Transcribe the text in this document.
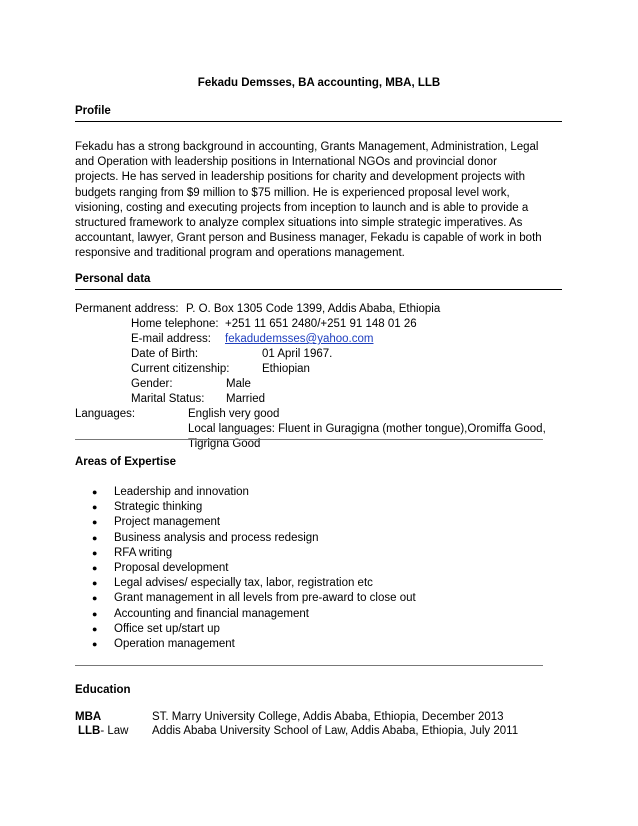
Fekadu Demsses, BA accounting, MBA, LLB
Profile
Fekadu has a strong background in accounting, Grants Management, Administration, Legal
and Operation with leadership positions in International NGOs and provincial donor
projects. He has served in leadership positions for charity and development projects with
budgets ranging from $9 million to $75 million. He is experienced proposal level work,
visioning, costing and executing projects from inception to launch and is able to provide a
structured framework to analyze complex situations into simple strategic imperatives. As
accountant, lawyer, Grant person and Business manager, Fekadu is capable of work in both
responsive and traditional program and operations management.
Personal data
Permanent address: P. O. Box 1305 Code 1399, Addis Ababa, Ethiopia
Home telephone: +251 11 651 2480/+251 91 148 01 26
E-mail address: fekadudemsses@yahoo.com
Date of Birth:	01 April 1967.
Current citizenship:	Ethiopian
Gender:	Male
Marital Status: Married
Languages:	English very good
Local languages: Fluent in Guragigna (mother tongue),Oromiffa Good,
Tigrigna Good
Areas of Expertise
● Leadership and innovation
● Strategic thinking
● Project management
● Business analysis and process redesign
● RFA writing
● Proposal development
● Legal advises/ especially tax, labor, registration etc
● Grant management in all levels from pre-award to close out
● Accounting and financial management
● Office set up/start up
● Operation management
Education
MBA	ST. Marry University College, Addis Ababa, Ethiopia, December 2013
LLB- Law Addis Ababa University School of Law, Addis Ababa, Ethiopia, July 2011
